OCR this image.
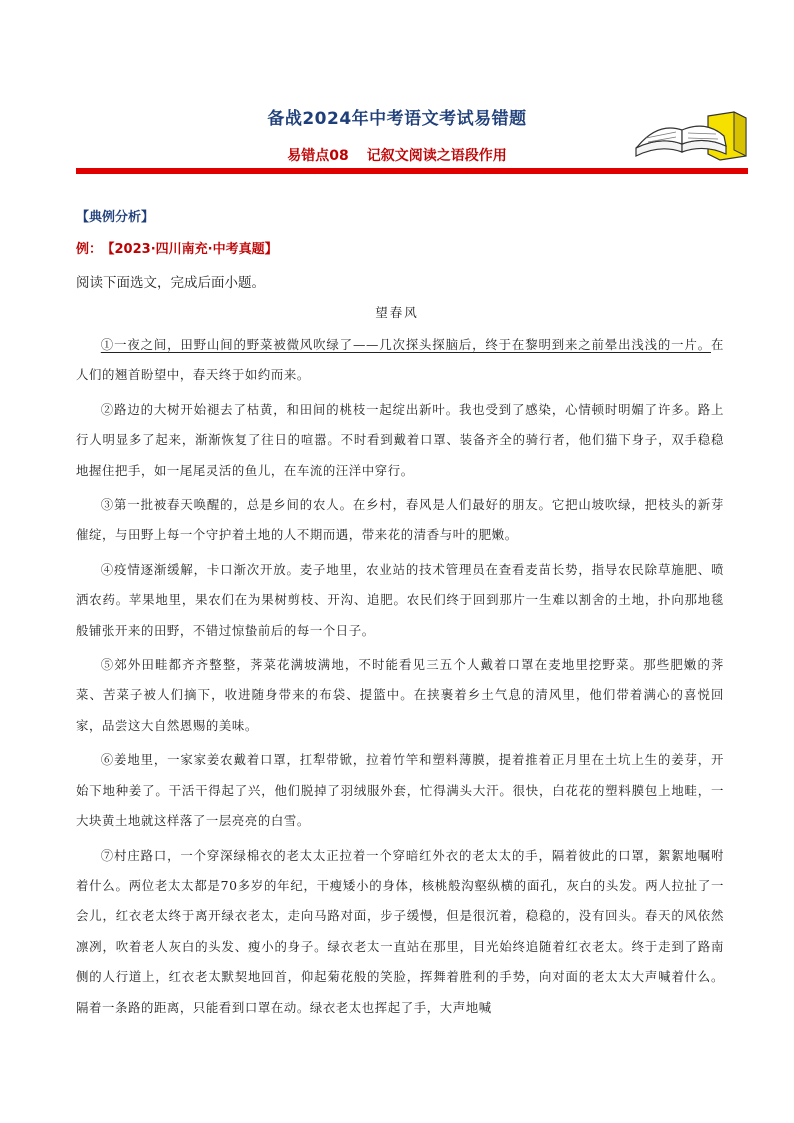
备战2024年中考语文考试易错题
易错点08 记叙文阅读之语段作用
【典例分析】
例： 【2023·四川南充·中考真题】
阅读下面选文，完成后面小题。
望春风

①一夜之间，田野山间的野菜被微风吹绿了——几次探头探脑后，终于在黎明到来之前晕出浅浅的一片。在人们的翘首盼望中，春天终于如约而来。

②路边的大树开始褪去了枯黄，和田间的桃枝一起绽出新叶。我也受到了感染，心情顿时明媚了许多。路上行人明显多了起来，渐渐恢复了往日的喧嚣。不时看到戴着口罩、装备齐全的骑行者，他们猫下身子，双手稳稳地握住把手，如一尾尾灵活的鱼儿，在车流的汪洋中穿行。

③第一批被春天唤醒的，总是乡间的农人。在乡村，春风是人们最好的朋友。它把山坡吹绿，把枝头的新芽催绽，与田野上每一个守护着土地的人不期而遇，带来花的清香与叶的肥嫩。

④疫情逐渐缓解，卡口渐次开放。麦子地里，农业站的技术管理员在查看麦苗长势，指导农民除草施肥、喷洒农药。苹果地里，果农们在为果树剪枝、开沟、追肥。农民们终于回到那片一生难以割舍的土地，扑向那地毯般铺张开来的田野，不错过惊蛰前后的每一个日子。

⑤郊外田畦都齐齐整整，荠菜花满坡满地，不时能看见三五个人戴着口罩在麦地里挖野菜。那些肥嫩的荠菜、苦菜子被人们摘下，收进随身带来的布袋、提篮中。在挟裹着乡土气息的清风里，他们带着满心的喜悦回家，品尝这大自然恩赐的美味。

⑥姜地里，一家家姜农戴着口罩，扛犁带锨，拉着竹竿和塑料薄膜，提着推着正月里在土坑上生的姜芽，开始下地种姜了。干活干得起了兴，他们脱掉了羽绒服外套，忙得满头大汗。很快，白花花的塑料膜包上地畦，一大块黄土地就这样落了一层亮亮的白雪。

⑦村庄路口，一个穿深绿棉衣的老太太正拉着一个穿暗红外衣的老太太的手，隔着彼此的口罩，絮絮地嘱咐着什么。两位老太太都是70多岁的年纪，干瘦矮小的身体，核桃般沟壑纵横的面孔，灰白的头发。两人拉扯了一会儿，红衣老太终于离开绿衣老太，走向马路对面，步子缓慢，但是很沉着，稳稳的，没有回头。春天的风依然凛冽，吹着老人灰白的头发、瘦小的身子。绿衣老太一直站在那里，目光始终追随着红衣老太。终于走到了路南侧的人行道上，红衣老太默契地回首，仰起菊花般的笑脸，挥舞着胜利的手势，向对面的老太太大声喊着什么。隔着一条路的距离，只能看到口罩在动。绿衣老太也挥起了手，大声地喊
